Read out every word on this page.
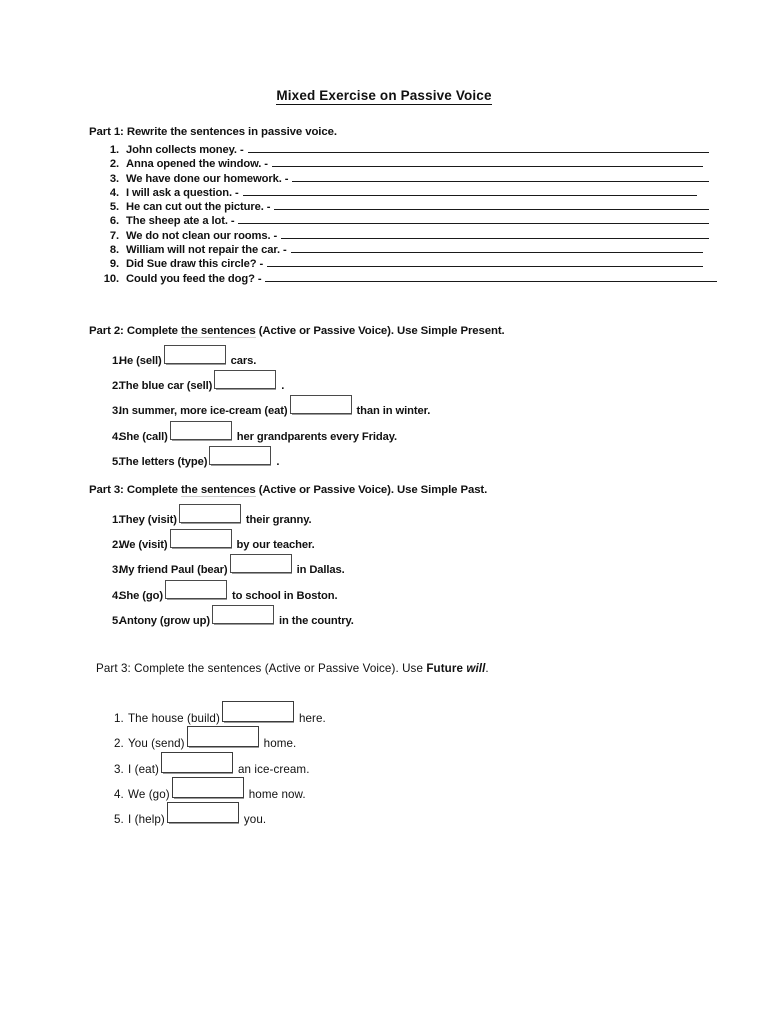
Mixed Exercise on Passive Voice
Part 1: Rewrite the sentences in passive voice.
1. John collects money. -
2. Anna opened the window. -
3. We have done our homework. -
4. I will ask a question. -
5. He can cut out the picture. -
6. The sheep ate a lot. -
7. We do not clean our rooms. -
8. William will not repair the car. -
9. Did Sue draw this circle? -
10. Could you feed the dog? -
Part 2: Complete the sentences (Active or Passive Voice). Use Simple Present.
1.
He (sell)	cars.
2.
The blue car (sell)	.
3.
In summer, more ice-cream (eat)	than in winter.
4.
She (call)	her grandparents every Friday.
5.
The letters (type)	.
Part 3: Complete the sentences (Active or Passive Voice). Use Simple Past.
1.
They (visit)	their granny.
2.
We (visit)	by our teacher.
3.
My friend Paul (bear)	in Dallas.
4.
She (go)	to school in Boston.
5.
Antony (grow up)	in the country.
Part 3: Complete the sentences (Active or Passive Voice). Use Future will.
1. The house (build)	here.
2. You (send)	home.
3. I (eat)	an ice-cream.
4. We (go)	home now.
5. I (help)	you.
